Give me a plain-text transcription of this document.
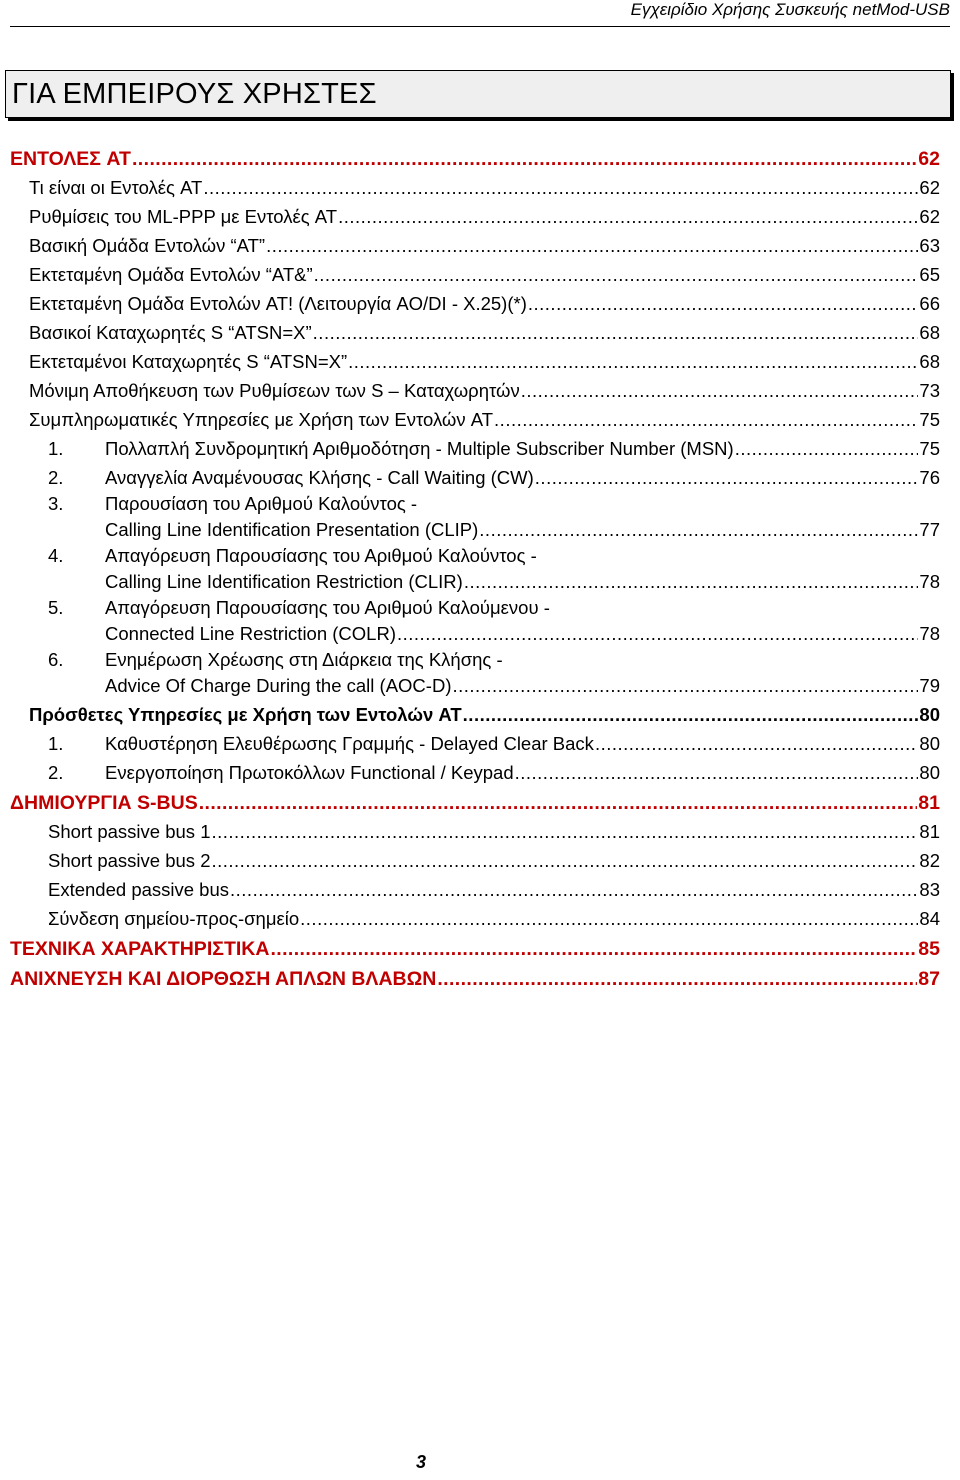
Εγχειρίδιο Χρήσης Συσκευής netMod-USB
ΓΙΑ ΕΜΠΕΙΡΟΥΣ ΧΡΗΣΤΕΣ
ΕΝΤΟΛΕΣ AT .....	62
Τι είναι οι Εντολές AT .....	62
Ρυθμίσεις του ML-PPP με Εντολές AT .....	62
Βασική Ομάδα Εντολών “AT” .....	63
Εκτεταμένη Ομάδα Εντολών “AT&” .....	65
Εκτεταμένη Ομάδα Εντολών AT! (Λειτουργία AO/DI - X.25)(*) .....	66
Βασικοί Καταχωρητές S “ATSN=X” .....	68
Εκτεταμένοι Καταχωρητές S “ATSN=X” .....	68
Μόνιμη Αποθήκευση των Ρυθμίσεων των S – Καταχωρητών .....	73
Συμπληρωματικές Υπηρεσίες με Χρήση των Εντολών AT .....	75
1.	Πολλαπλή Συνδρομητική Αριθμοδότηση - Multiple Subscriber Number (MSN) .....	75
2.	Αναγγελία Αναμένουσας Κλήσης - Call Waiting (CW) .....	76
3.	Παρουσίαση του Αριθμού Καλούντος -
Calling Line Identification Presentation (CLIP) .....	77
4.	Απαγόρευση Παρουσίασης του Αριθμού Καλούντος -
Calling Line Identification Restriction (CLIR) .....	78
5.	Απαγόρευση Παρουσίασης του Αριθμού Καλούμενου -
Connected Line Restriction (COLR) .....	78
6.	Ενημέρωση Χρέωσης στη Διάρκεια της Κλήσης -
Advice Of Charge During the call (AOC-D) .....	79
Πρόσθετες Υπηρεσίες με Χρήση των Εντολών AT .....	80
1.	Καθυστέρηση Ελευθέρωσης Γραμμής - Delayed Clear Back .....	80
2.	Ενεργοποίηση Πρωτοκόλλων Functional / Keypad .....	80
ΔΗΜΙΟΥΡΓΙΑ S-BUS .....	81
Short passive bus 1 .....	81
Short passive bus 2 .....	82
Extended passive bus .....	83
Σύνδεση σημείου-προς-σημείο .....	84
ΤΕΧΝΙΚΑ ΧΑΡΑΚΤΗΡΙΣΤΙΚΑ .....	85
ΑΝΙΧΝΕΥΣΗ ΚΑΙ ΔΙΟΡΘΩΣΗ ΑΠΛΩΝ ΒΛΑΒΩΝ .....	87
3
